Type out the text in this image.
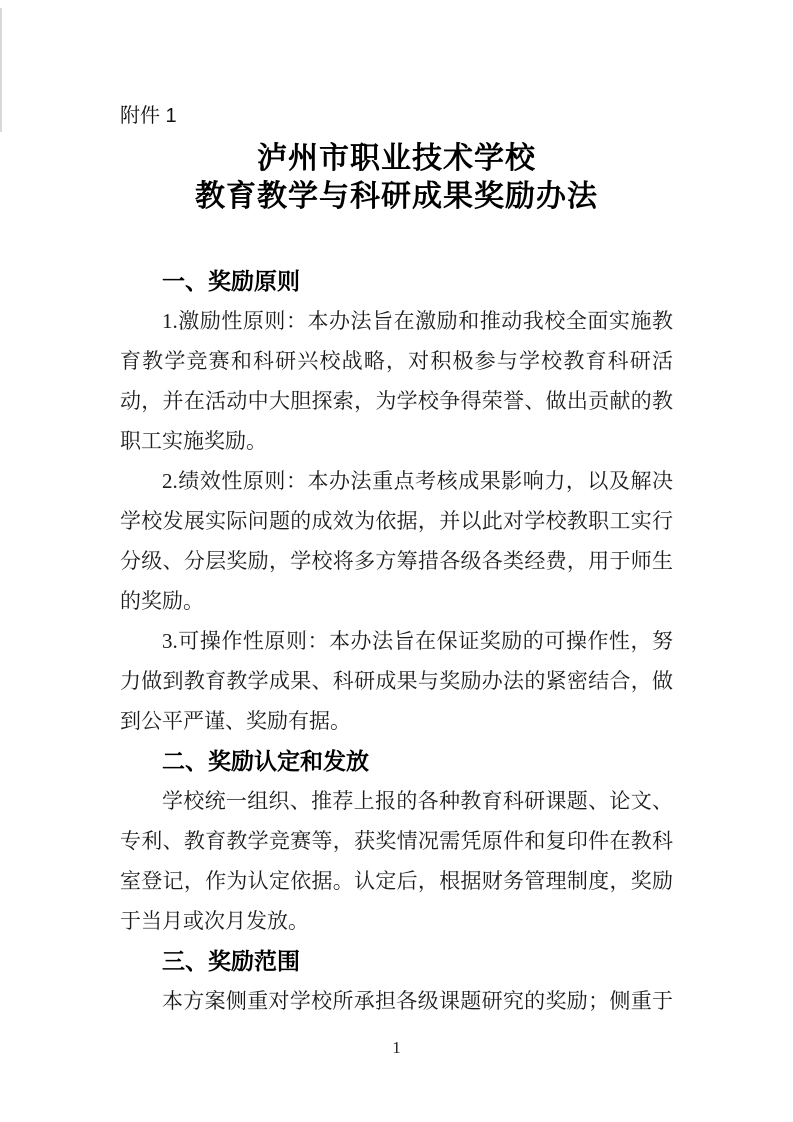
附件 1
泸州市职业技术学校
教育教学与科研成果奖励办法
一、奖励原则

1.激励性原则：本办法旨在激励和推动我校全面实施教育教学竞赛和科研兴校战略，对积极参与学校教育科研活动，并在活动中大胆探索，为学校争得荣誉、做出贡献的教职工实施奖励。

2.绩效性原则：本办法重点考核成果影响力，以及解决学校发展实际问题的成效为依据，并以此对学校教职工实行分级、分层奖励，学校将多方筹措各级各类经费，用于师生的奖励。

3.可操作性原则：本办法旨在保证奖励的可操作性，努力做到教育教学成果、科研成果与奖励办法的紧密结合，做到公平严谨、奖励有据。

二、奖励认定和发放

学校统一组织、推荐上报的各种教育科研课题、论文、专利、教育教学竞赛等，获奖情况需凭原件和复印件在教科室登记，作为认定依据。认定后，根据财务管理制度，奖励于当月或次月发放。

三、奖励范围

本方案侧重对学校所承担各级课题研究的奖励；侧重于

1
